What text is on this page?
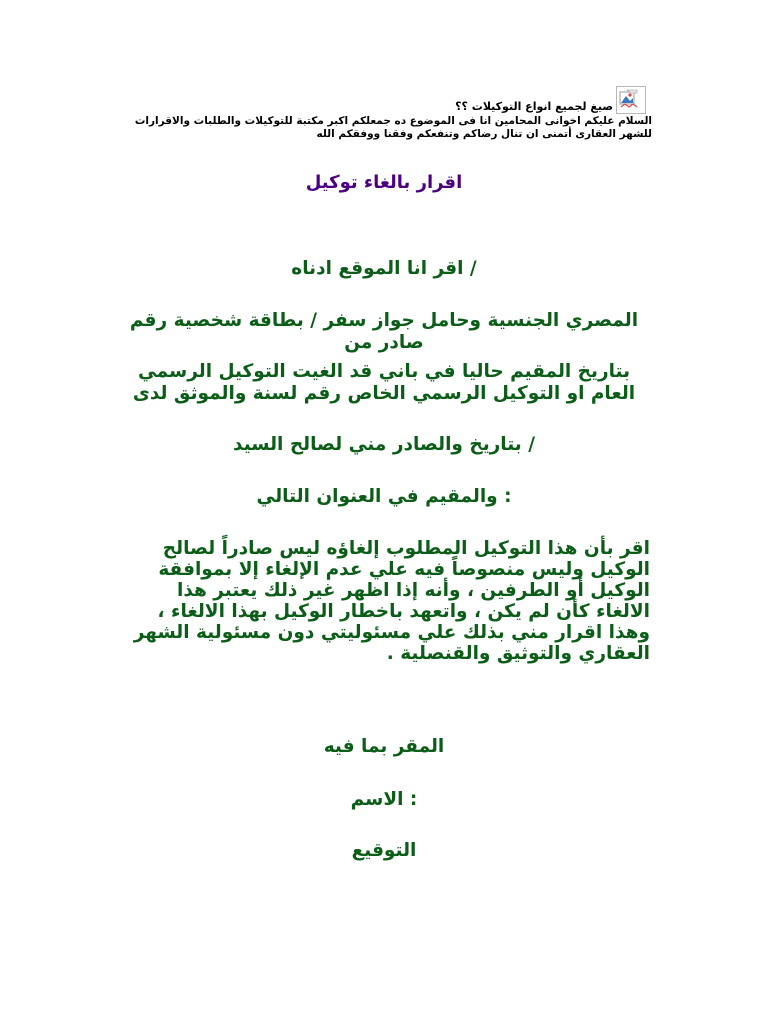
صيغ لجميع انواع التوكيلات ؟؟
السلام عليكم اخوانى المحامين انا فى الموضوع ده جمعلكم اكبر مكتبة للتوكيلات والطلبات والاقرارات للشهر العقارى أتمنى ان تنال رضاكم وتنفعكم وفقنا ووفقكم الله
اقرار بالغاء توكيل
/ اقر انا الموقع ادناه
المصري الجنسية وحامل جواز سفر / بطاقة شخصية رقم صادر من
بتاريخ المقيم حاليا في باني قد الغيت التوكيل الرسمي العام او التوكيل الرسمي الخاص رقم لسنة والموثق لدى
/ بتاريخ والصادر مني لصالح السيد
: والمقيم في العنوان التالي
اقر بأن هذا التوكيل المطلوب إلغاؤه ليس صادراً لصالح الوكيل وليس منصوصاً فيه علي عدم الإلغاء إلا بموافقة الوكيل أو الطرفين ، وأنه إذا اظهر غير ذلك يعتبر هذا الالغاء كأن لم يكن ، واتعهد باخطار الوكيل بهذا الالغاء ، وهذا اقرار مني بذلك علي مسئوليتي دون مسئولية الشهر العقاري والتوثيق والقنصلية .
المقر بما فيه
: الاسم
التوقيع
